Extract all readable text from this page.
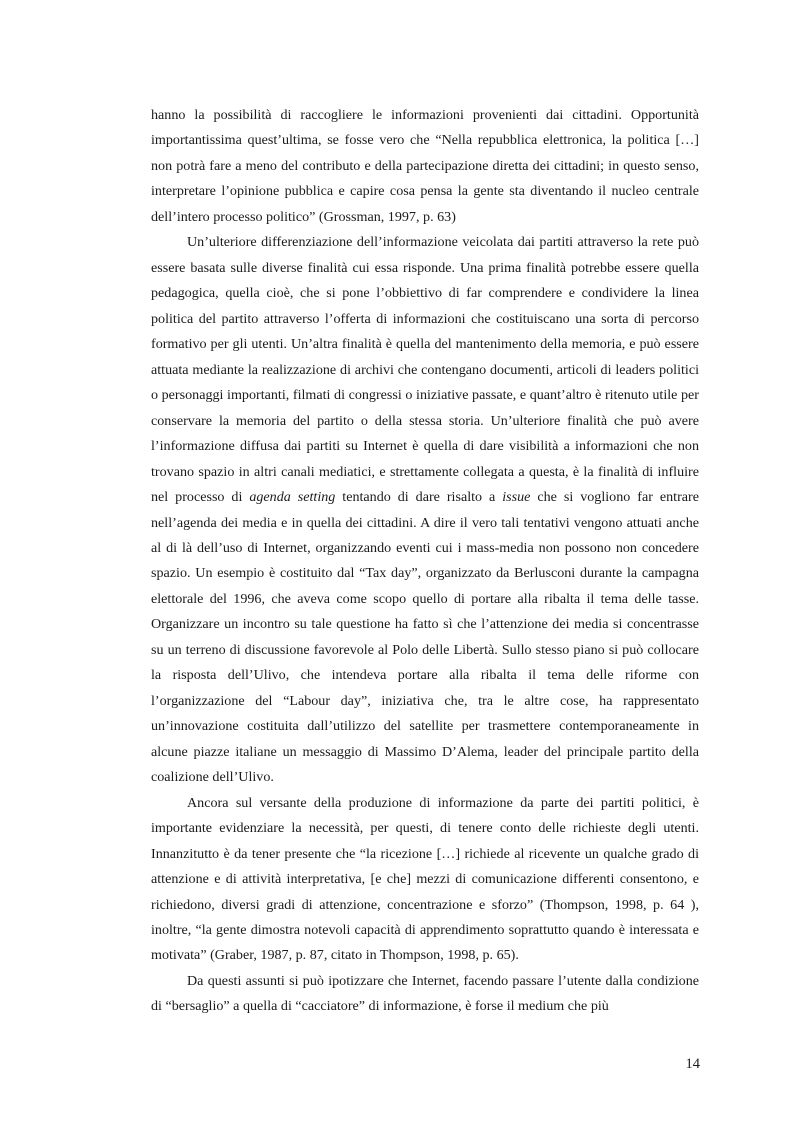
hanno la possibilità di raccogliere le informazioni provenienti dai cittadini. Opportunità importantissima quest’ultima, se fosse vero che “Nella repubblica elettronica, la politica […] non potrà fare a meno del contributo e della partecipazione diretta dei cittadini; in questo senso, interpretare l’opinione pubblica e capire cosa pensa la gente sta diventando il nucleo centrale dell’intero processo politico” (Grossman, 1997, p. 63)

Un’ulteriore differenziazione dell’informazione veicolata dai partiti attraverso la rete può essere basata sulle diverse finalità cui essa risponde. Una prima finalità potrebbe essere quella pedagogica, quella cioè, che si pone l’obbiettivo di far comprendere e condividere la linea politica del partito attraverso l’offerta di informazioni che costituiscano una sorta di percorso formativo per gli utenti. Un’altra finalità è quella del mantenimento della memoria, e può essere attuata mediante la realizzazione di archivi che contengano documenti, articoli di leaders politici o personaggi importanti, filmati di congressi o iniziative passate, e quant’altro è ritenuto utile per conservare la memoria del partito o della stessa storia. Un’ulteriore finalità che può avere l’informazione diffusa dai partiti su Internet è quella di dare visibilità a informazioni che non trovano spazio in altri canali mediatici, e strettamente collegata a questa, è la finalità di influire nel processo di agenda setting tentando di dare risalto a issue che si vogliono far entrare nell’agenda dei media e in quella dei cittadini. A dire il vero tali tentativi vengono attuati anche al di là dell’uso di Internet, organizzando eventi cui i mass-media non possono non concedere spazio. Un esempio è costituito dal “Tax day”, organizzato da Berlusconi durante la campagna elettorale del 1996, che aveva come scopo quello di portare alla ribalta il tema delle tasse. Organizzare un incontro su tale questione ha fatto sì che l’attenzione dei media si concentrasse su un terreno di discussione favorevole al Polo delle Libertà. Sullo stesso piano si può collocare la risposta dell’Ulivo, che intendeva portare alla ribalta il tema delle riforme con l’organizzazione del “Labour day”, iniziativa che, tra le altre cose, ha rappresentato un’innovazione costituita dall’utilizzo del satellite per trasmettere contemporaneamente in alcune piazze italiane un messaggio di Massimo D’Alema, leader del principale partito della coalizione dell’Ulivo.

Ancora sul versante della produzione di informazione da parte dei partiti politici, è importante evidenziare la necessità, per questi, di tenere conto delle richieste degli utenti. Innanzitutto è da tener presente che “la ricezione […] richiede al ricevente un qualche grado di attenzione e di attività interpretativa, [e che] mezzi di comunicazione differenti consentono, e richiedono, diversi gradi di attenzione, concentrazione e sforzo” (Thompson, 1998, p. 64 ), inoltre, “la gente dimostra notevoli capacità di apprendimento soprattutto quando è interessata e motivata” (Graber, 1987, p. 87, citato in Thompson, 1998, p. 65).

Da questi assunti si può ipotizzare che Internet, facendo passare l’utente dalla condizione di “bersaglio” a quella di “cacciatore” di informazione, è forse il medium che più

14
